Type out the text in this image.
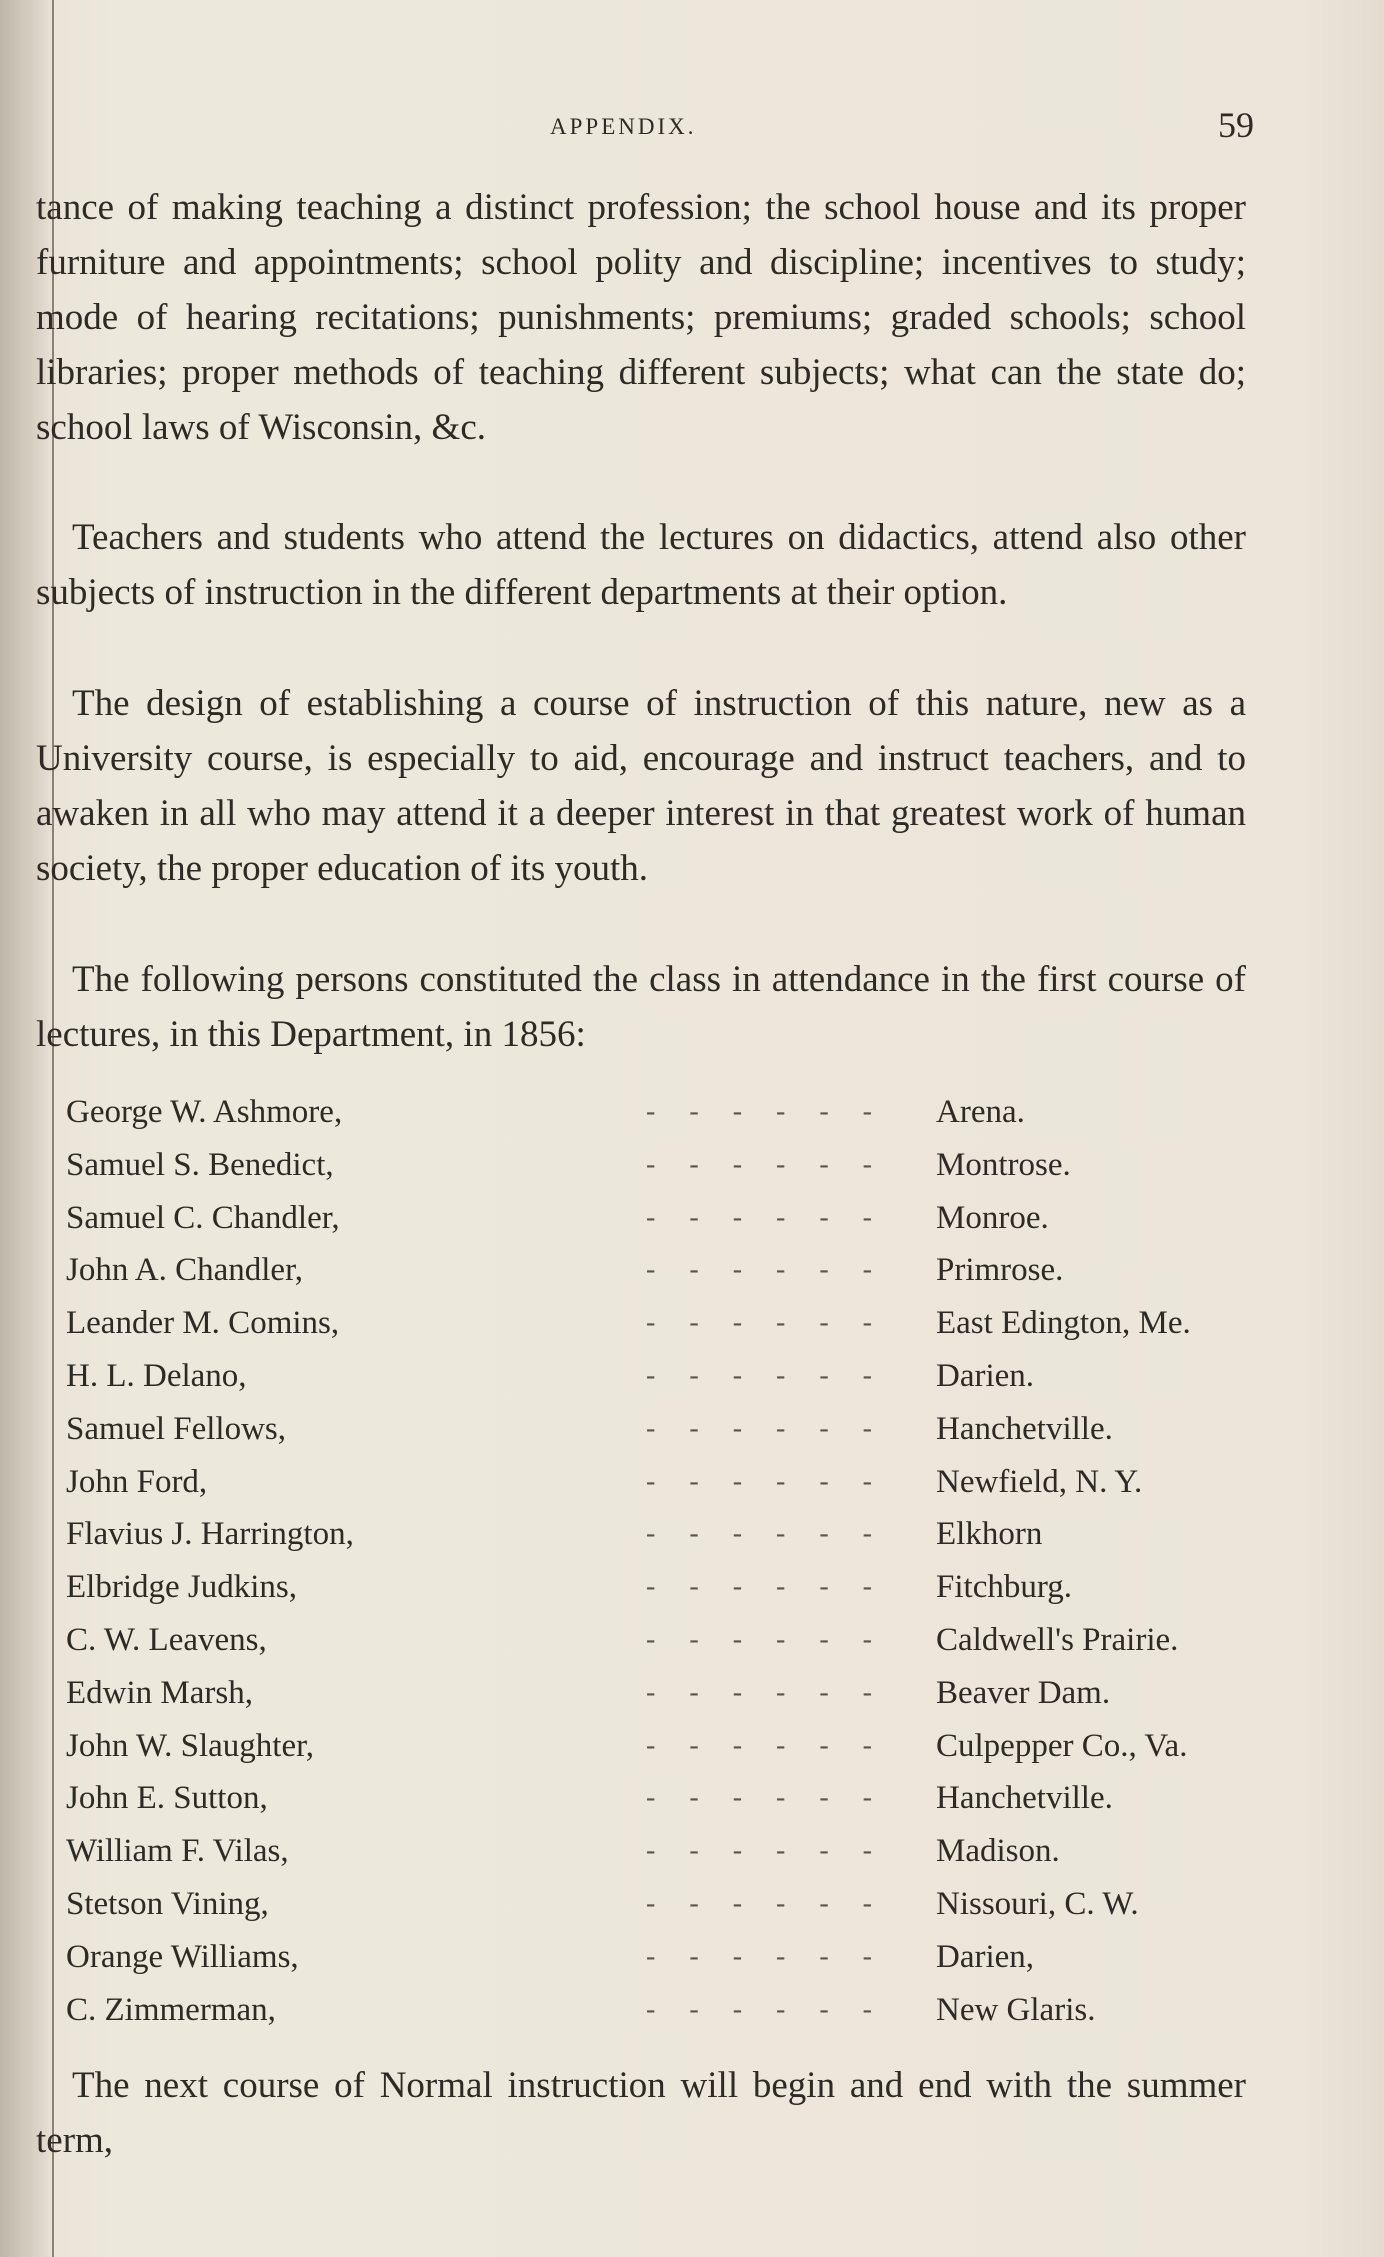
APPENDIX.	59
tance of making teaching a distinct profession; the school house and its proper furniture and appointments; school polity and discipline; incentives to study; mode of hearing recitations; punishments; premiums; graded schools; school libraries; proper methods of teaching different subjects; what can the state do; school laws of Wisconsin, &c.
Teachers and students who attend the lectures on didactics, attend also other subjects of instruction in the different departments at their option.
The design of establishing a course of instruction of this nature, new as a University course, is especially to aid, encourage and instruct teachers, and to awaken in all who may attend it a deeper interest in that greatest work of human society, the proper education of its youth.
The following persons constituted the class in attendance in the first course of lectures, in this Department, in 1856:
------
George W. Ashmore,	Arena.
------
Samuel S. Benedict,	Montrose.
------
Samuel C. Chandler,	Monroe.
------
John A. Chandler,	Primrose.
------
Leander M. Comins,	East Edington, Me.
------
H. L. Delano,	Darien.
------
Samuel Fellows,	Hanchetville.
------
John Ford,	Newfield, N. Y.
------
Flavius J. Harrington,	Elkhorn
------
Elbridge Judkins,	Fitchburg.
------
C. W. Leavens,	Caldwell's Prairie.
------
Edwin Marsh,	Beaver Dam.
------
John W. Slaughter,	Culpepper Co., Va.
------
John E. Sutton,	Hanchetville.
------
William F. Vilas,	Madison.
------
Stetson Vining,	Nissouri, C. W.
------
Orange Williams,	Darien,
------
C. Zimmerman,	New Glaris.
The next course of Normal instruction will begin and end with the summer term,
